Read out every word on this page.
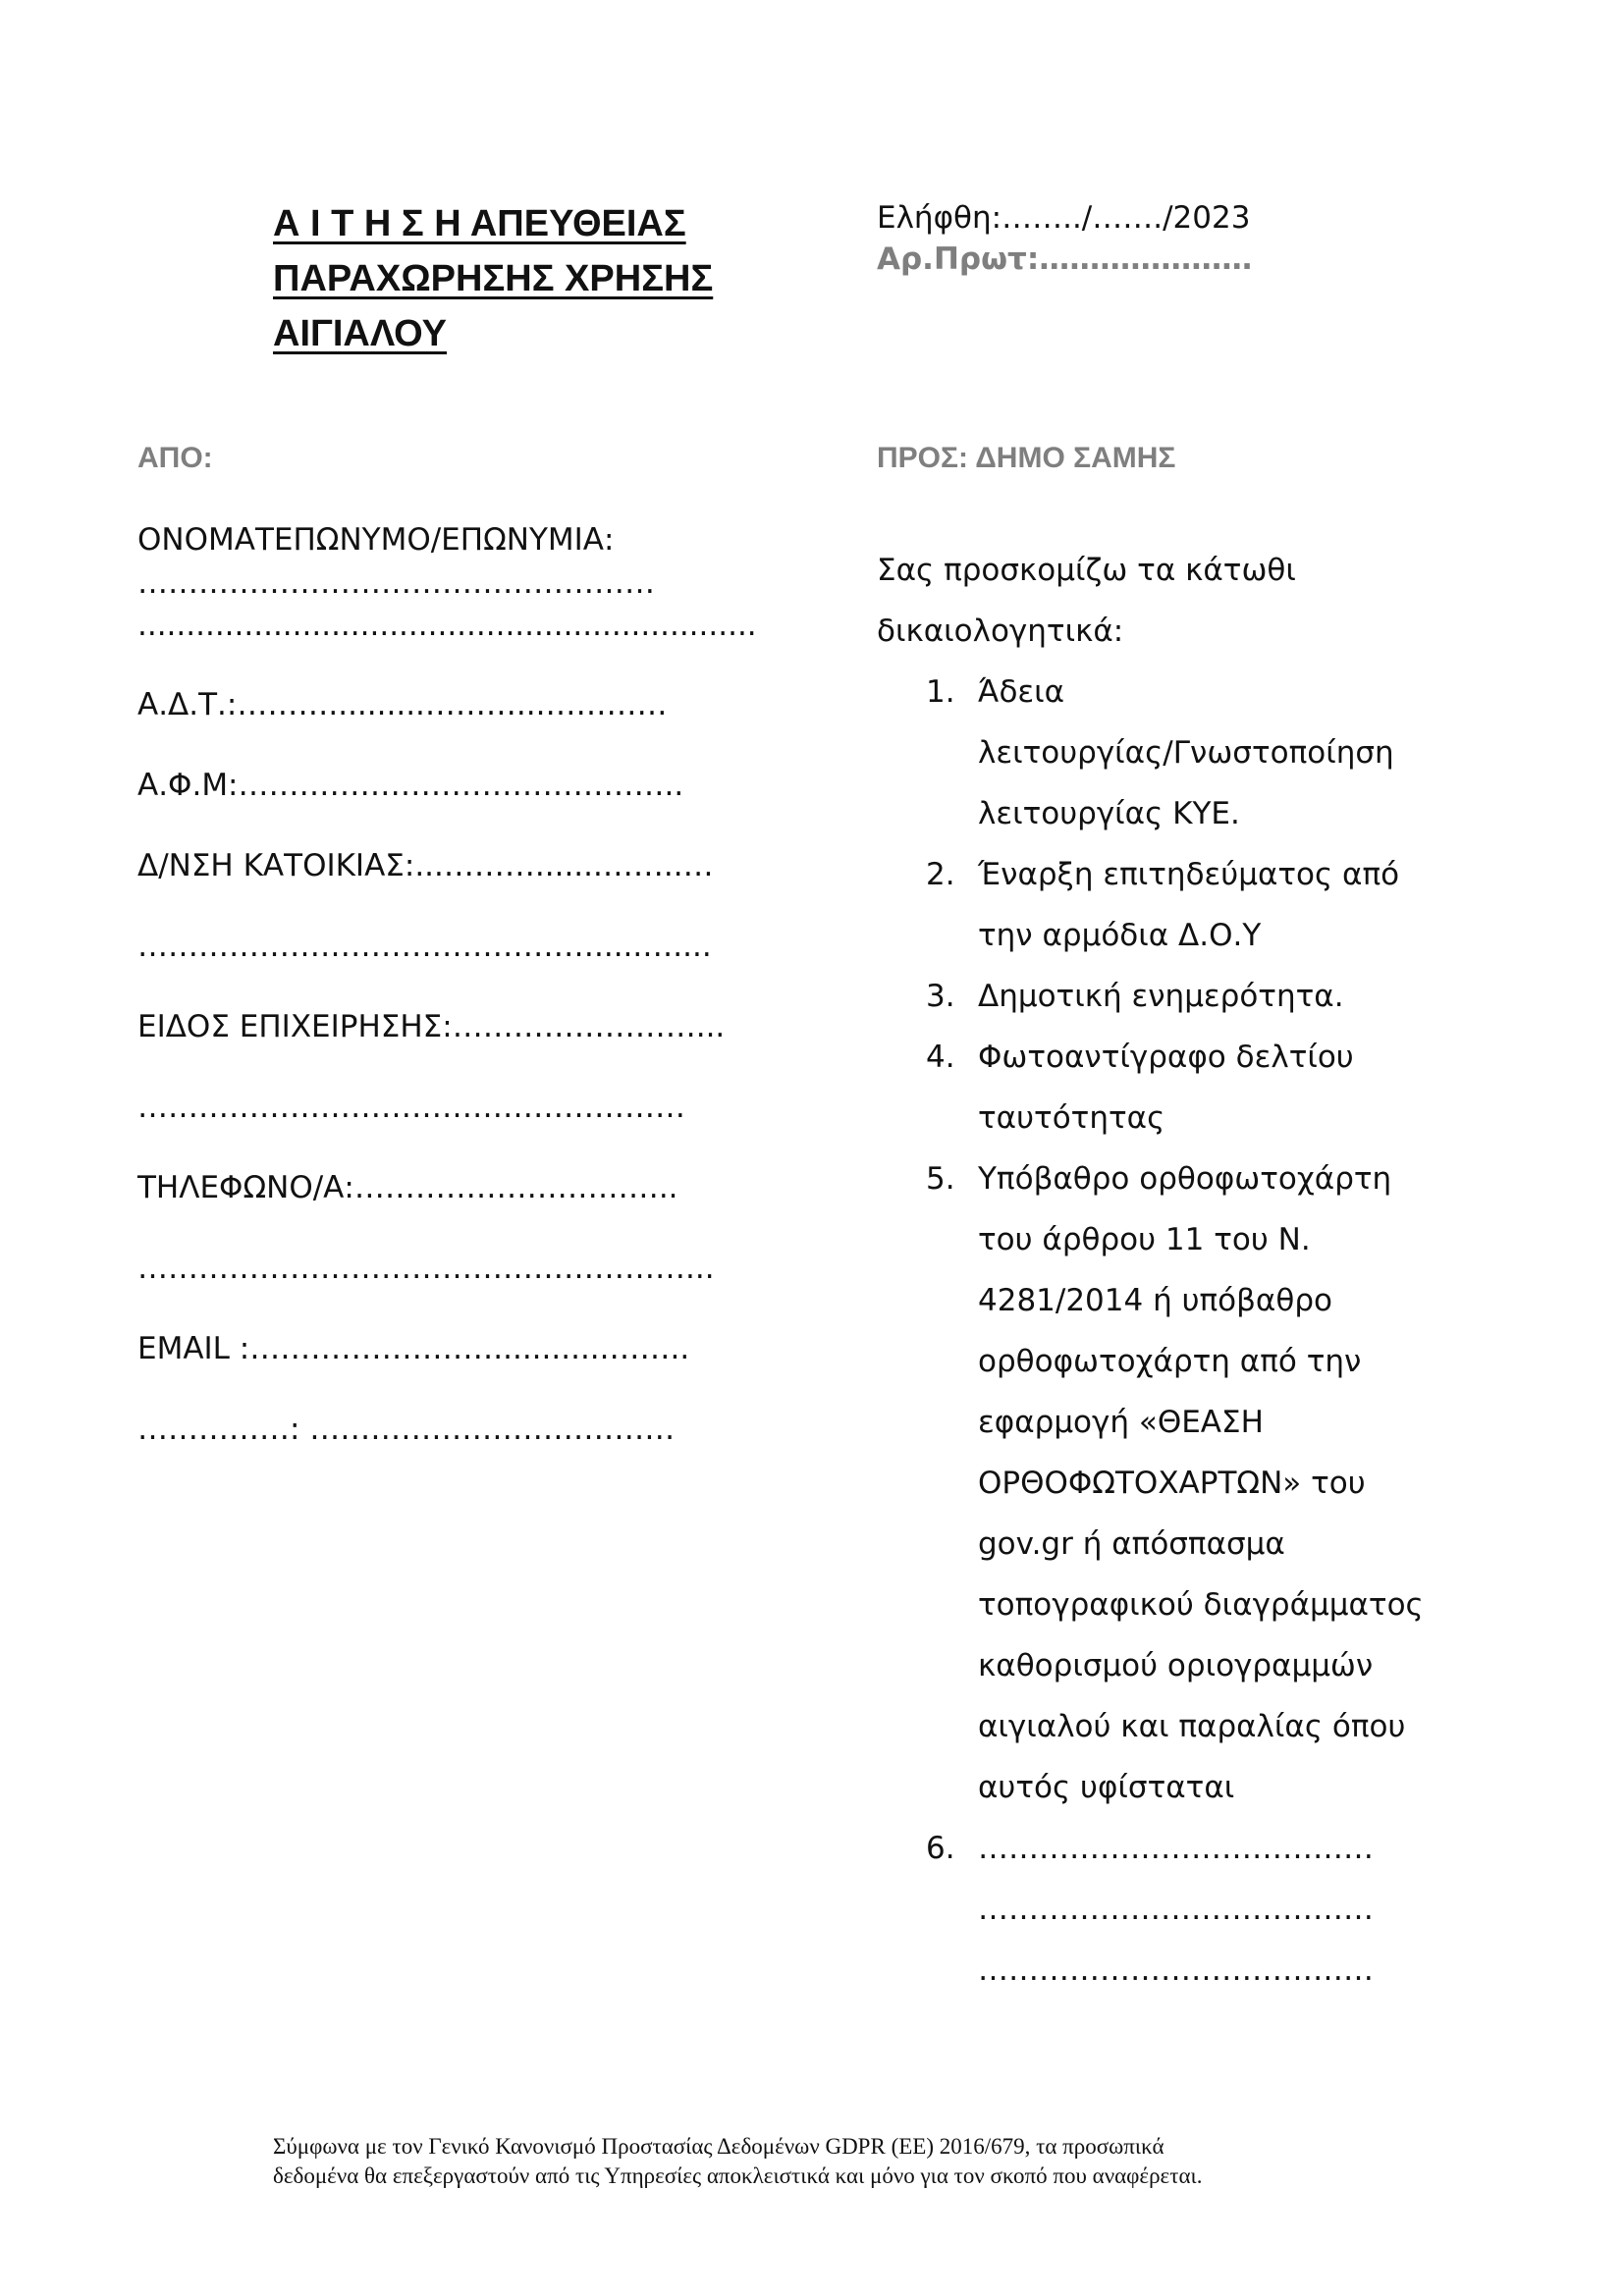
Α Ι Τ Η Σ Η ΑΠΕΥΘΕΙΑΣ
ΠΑΡΑΧΩΡΗΣΗΣ ΧΡΗΣΗΣ
ΑΙΓΙΑΛΟΥ
Ελήφθη:……../……./2023
Αρ.Πρωτ:…………………
ΑΠΟ:	ΠΡΟΣ: ΔΗΜΟ ΣΑΜΗΣ
ΟΝΟΜΑΤΕΠΩΝΥΜΟ/ΕΠΩΝΥΜΙΑ:
……………………………………………
................................................................
Α.Δ.Τ.:………..........………...…………
Α.Φ.Μ:……………………………………..
Δ/ΝΣΗ ΚΑΤΟΙΚΙΑΣ:...……….......……..…
……………………………………….....…....
ΕΙΔΟΣ ΕΠΙΧΕΙΡΗΣΗΣ:……………………...
………………………………………………
ΤΗΛΕΦΩΝΟ/Α:…………………………..
………………………………………………...
EMAIL :……………………............……..
……………: ………………………………
Σας προσκομίζω τα κάτωθι
δικαιολογητικά:
1. Άδεια
λειτουργίας/Γνωστοποίηση
λειτουργίας ΚΥΕ.
2. Έναρξη επιτηδεύματος από
την αρμόδια Δ.Ο.Υ
3. Δημοτική ενημερότητα.
4. Φωτοαντίγραφο δελτίου
ταυτότητας
5. Υπόβαθρο ορθοφωτοχάρτη
του άρθρου 11 του Ν.
4281/2014 ή υπόβαθρο
ορθοφωτοχάρτη από την
εφαρμογή «ΘΕΑΣΗ
ΟΡΘΟΦΩΤΟΧΑΡΤΩΝ» του
gov.gr ή απόσπασμα
τοπογραφικού διαγράμματος
καθορισμού οριογραμμών
αιγιαλού και παραλίας όπου
αυτός υφίσταται
6. …………………………………
…………………………………
…………………………………
Σύμφωνα με τον Γενικό Κανονισμό Προστασίας Δεδομένων GDPR (ΕΕ) 2016/679, τα προσωπικά
δεδομένα θα επεξεργαστούν από τις Υπηρεσίες αποκλειστικά και μόνο για τον σκοπό που αναφέρεται.
